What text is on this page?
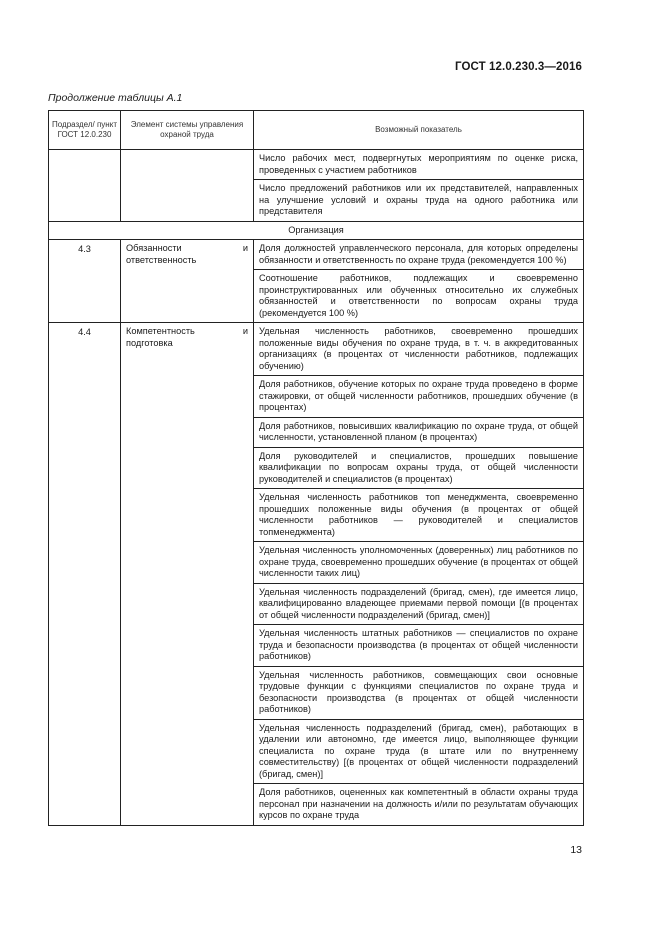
ГОСТ 12.0.230.3—2016
Продолжение таблицы А.1
Подраздел/ пункт ГОСТ 12.0.230	Элемент системы управления охраной труда	Возможный показатель
		Число рабочих мест, подвергнутых мероприятиям по оценке риска, проведенных с участием работников
		Число предложений работников или их представителей, направленных на улучшение условий и охраны труда на одного работника или представителя
Организация		
4.3	Обязанности и ответственность	Доля должностей управленческого персонала, для которых определены обязанности и ответственность по охране труда (рекомендуется 100 %)
		Соотношение работников, подлежащих и своевременно проинструктированных или обученных относительно их служебных обязанностей и ответственности по вопросам охраны труда (рекомендуется 100 %)
4.4	Компетентность и подготовка	Удельная численность работников, своевременно прошедших положенные виды обучения по охране труда, в т. ч. в аккредитованных организациях (в процентах от численности работников, подлежащих обучению)
		Доля работников, обучение которых по охране труда проведено в форме стажировки, от общей численности работников, прошедших обучение (в процентах)
		Доля работников, повысивших квалификацию по охране труда, от общей численности, установленной планом (в процентах)
		Доля руководителей и специалистов, прошедших повышение квалификации по вопросам охраны труда, от общей численности руководителей и специалистов (в процентах)
		Удельная численность работников топ менеджмента, своевременно прошедших положенные виды обучения (в процентах от общей численности работников — руководителей и специалистов топменеджмента)
		Удельная численность уполномоченных (доверенных) лиц работников по охране труда, своевременно прошедших обучение (в процентах от общей численности таких лиц)
		Удельная численность подразделений (бригад, смен), где имеется лицо, квалифицированно владеющее приемами первой помощи [(в процентах от общей численности подразделений (бригад, смен)]
		Удельная численность штатных работников — специалистов по охране труда и безопасности производства (в процентах от общей численности работников)
		Удельная численность работников, совмещающих свои основные трудовые функции с функциями специалистов по охране труда и безопасности производства (в процентах от общей численности работников)
		Удельная численность подразделений (бригад, смен), работающих в удалении или автономно, где имеется лицо, выполняющее функции специалиста по охране труда (в штате или по внутреннему совместительству) [(в процентах от общей численности подразделений (бригад, смен)]
		Доля работников, оцененных как компетентный в области охраны труда персонал при назначении на должность и/или по результатам обучающих курсов по охране труда
13
